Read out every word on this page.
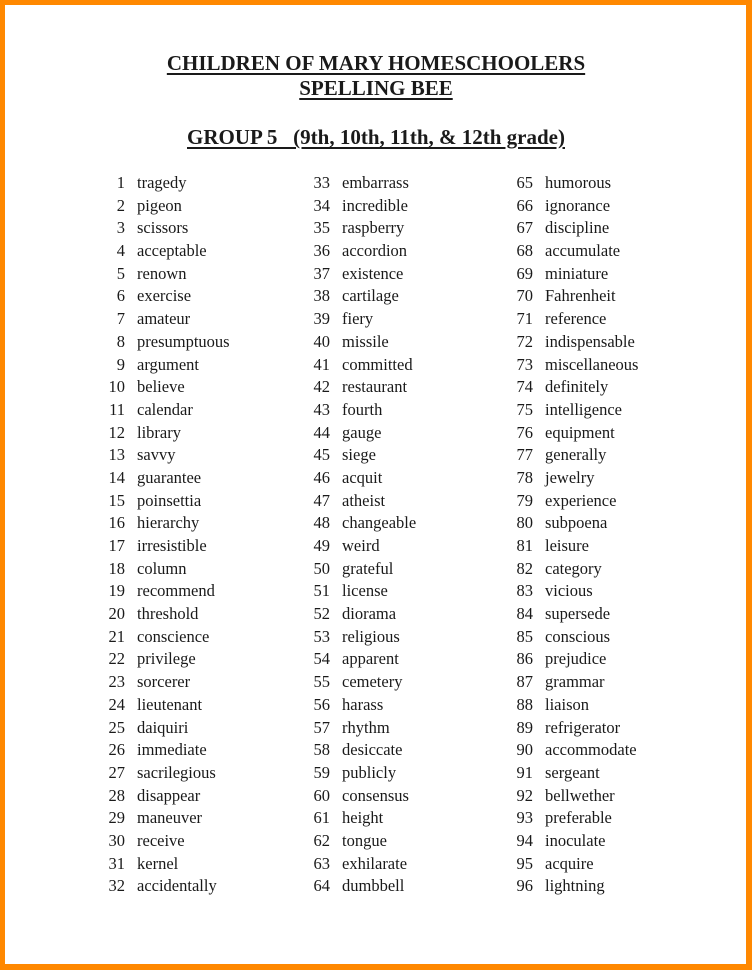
CHILDREN OF MARY HOMESCHOOLERS
SPELLING BEE
GROUP 5   (9th, 10th, 11th, & 12th grade)
1 tragedy
2 pigeon
3 scissors
4 acceptable
5 renown
6 exercise
7 amateur
8 presumptuous
9 argument
10 believe
11 calendar
12 library
13 savvy
14 guarantee
15 poinsettia
16 hierarchy
17 irresistible
18 column
19 recommend
20 threshold
21 conscience
22 privilege
23 sorcerer
24 lieutenant
25 daiquiri
26 immediate
27 sacrilegious
28 disappear
29 maneuver
30 receive
31 kernel
32 accidentally
33 embarrass
34 incredible
35 raspberry
36 accordion
37 existence
38 cartilage
39 fiery
40 missile
41 committed
42 restaurant
43 fourth
44 gauge
45 siege
46 acquit
47 atheist
48 changeable
49 weird
50 grateful
51 license
52 diorama
53 religious
54 apparent
55 cemetery
56 harass
57 rhythm
58 desiccate
59 publicly
60 consensus
61 height
62 tongue
63 exhilarate
64 dumbbell
65 humorous
66 ignorance
67 discipline
68 accumulate
69 miniature
70 Fahrenheit
71 reference
72 indispensable
73 miscellaneous
74 definitely
75 intelligence
76 equipment
77 generally
78 jewelry
79 experience
80 subpoena
81 leisure
82 category
83 vicious
84 supersede
85 conscious
86 prejudice
87 grammar
88 liaison
89 refrigerator
90 accommodate
91 sergeant
92 bellwether
93 preferable
94 inoculate
95 acquire
96 lightning
